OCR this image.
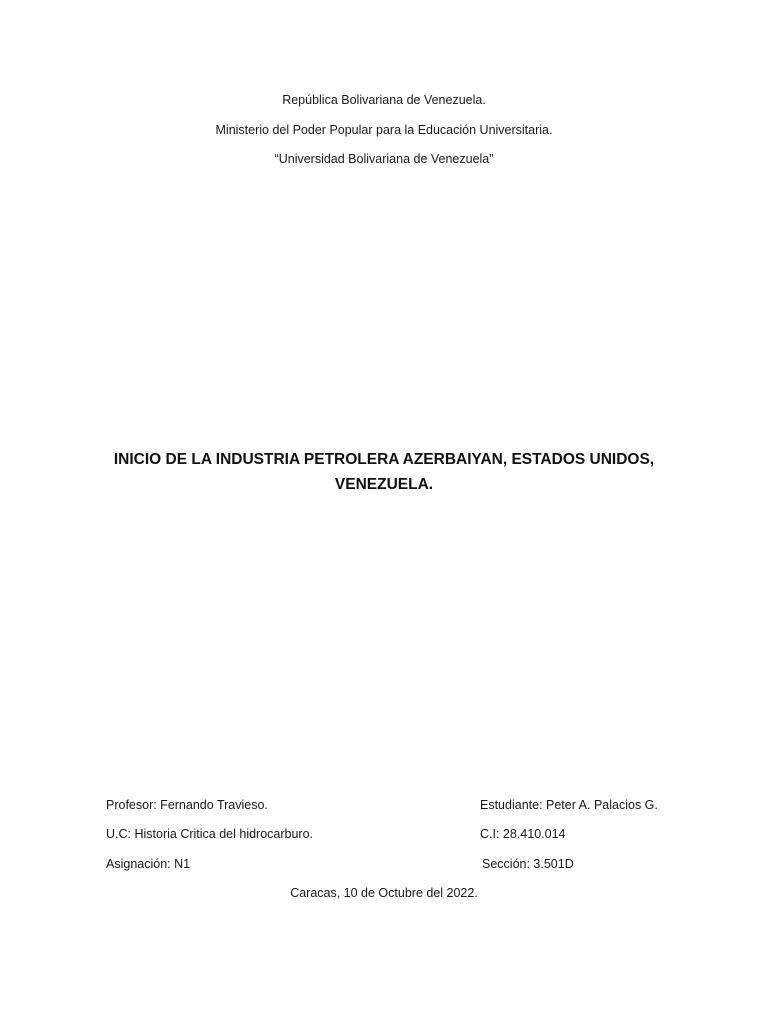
República Bolivariana de Venezuela.
Ministerio del Poder Popular para la Educación Universitaria.
“Universidad Bolivariana de Venezuela”
INICIO DE LA INDUSTRIA PETROLERA AZERBAIYAN, ESTADOS UNIDOS,
VENEZUELA.
Profesor: Fernando Travieso.
U.C: Historia Critica del hidrocarburo.
Asignación: N1
Estudiante: Peter A. Palacios G.
C.I: 28.410.014
Sección: 3.501D
Caracas, 10 de Octubre del 2022.
